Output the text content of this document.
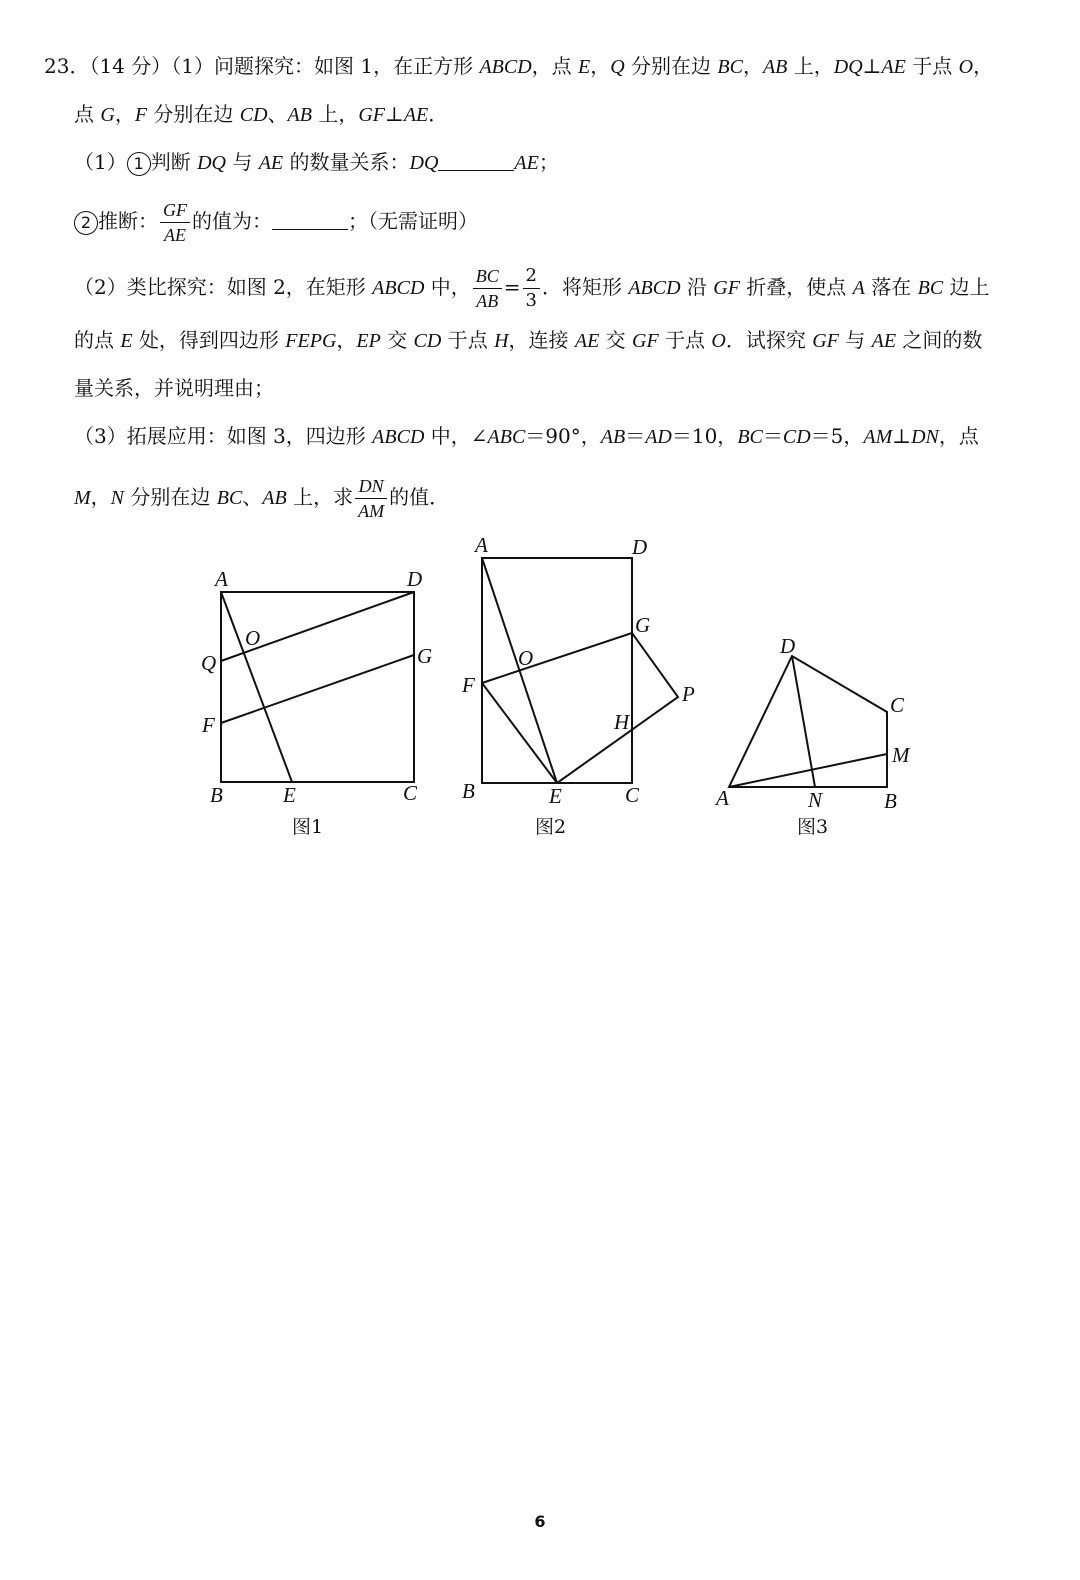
23．（14 分）（1）问题探究：如图 1，在正方形 ABCD，点 E，Q 分别在边 BC，AB 上，DQ⊥AE 于点 O，
点 G，F 分别在边 CD、AB 上，GF⊥AE．
（1） 1 判断 DQ 与 AE 的数量关系：DQ	AE；
2 推断： $\frac{GF}{AE}$ 的值为：	；（无需证明）
（2）类比探究：如图 2，在矩形 ABCD 中， $\frac{BC}{AB} = \frac{2}{3}$ ．将矩形 ABCD 沿 GF 折叠，使点 A 落在 BC 边上
的点 E 处，得到四边形 FEPG，EP 交 CD 于点 H，连接 AE 交 GF 于点 O．试探究 GF 与 AE 之间的数
量关系，并说明理由；
（3）拓展应用：如图 3，四边形 ABCD 中，∠ABC＝90°，AB＝AD＝10，BC＝CD＝5，AM⊥DN，点
M，N 分别在边 BC、AB 上，求 $\frac{DN}{AM}$ 的值．
A	D
O
Q	G
F
B	E	C
A	D
G
O
F	P
H
B	E	C
D
C
M
A	N	B
图1	图2	图3
6
